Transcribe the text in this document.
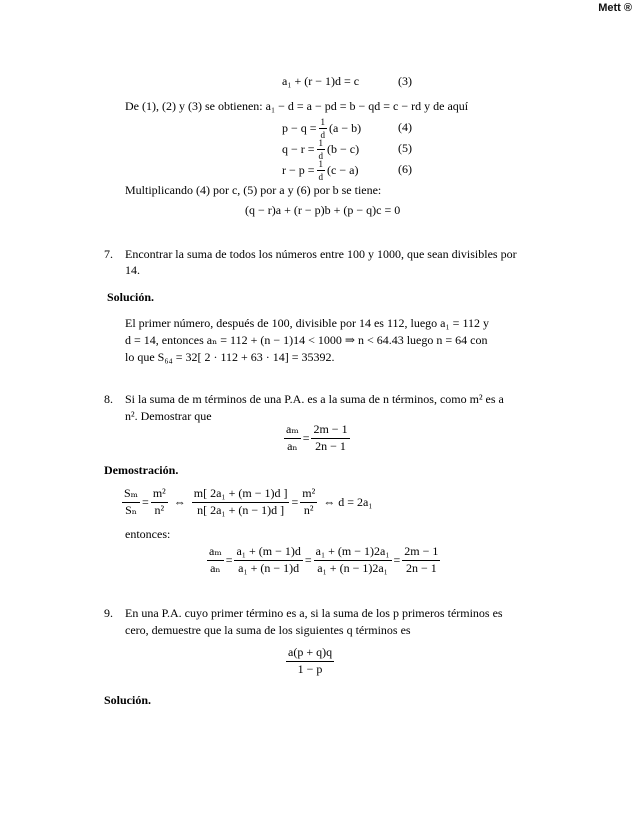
Mett ®
a₁ + (r − 1)d = c	(3)
De (1), (2) y (3) se obtienen: a₁ − d = a − pd = b − qd = c − rd y de aquí
$p - q = \frac{1}{d} (a - b)$	(4)
$q - r = \frac{1}{d} (b - c)$	(5)
$r - p = \frac{1}{d} (c - a)$	(6)
Multiplicando (4) por c, (5) por a y (6) por b se tiene:
(q − r)a + (r − p)b + (p − q)c = 0
7. Encontrar la suma de todos los números entre 100 y 1000, que sean divisibles por
14.
Solución.
El primer número, después de 100, divisible por 14 es 112, luego a₁ = 112 y
d = 14, entonces aₙ = 112 + (n − 1)14 < 1000 ⇒ n < 64.43 luego n = 64 con
lo que S₆₄ = 32[ 2 · 112 + 63 · 14] = 35392.
8. Si la suma de m términos de una P.A. es a la suma de n términos, como m² es a
n². Demostrar que
$\frac{\text{aₘ}}{\text{aₙ}} = \frac{2m - 1}{2n - 1}$
Demostración.
$\frac{\text{Sₘ}}{\text{Sₙ}} = \frac{\text{m²}}{\text{n²}}$ ⇔ $\frac{\text{m[ 2a₁ + (m − 1)d ]}}{\text{n[ 2a₁ + (n − 1)d ]}} = \frac{\text{m²}}{\text{n²}}$ ⇔ d = 2a₁
entonces:
$\frac{\text{aₘ}}{\text{aₙ}} = \frac{\text{a₁ + (m − 1)d}}{\text{a₁ + (n − 1)d}} = \frac{\text{a₁ + (m − 1)2a₁}}{\text{a₁ + (n − 1)2a₁}} = \frac{2m - 1}{2n - 1}$
9. En una P.A. cuyo primer término es a, si la suma de los p primeros términos es
cero, demuestre que la suma de los siguientes q términos es
$\frac{a(p + q)q}{1 - p}$
Solución.
